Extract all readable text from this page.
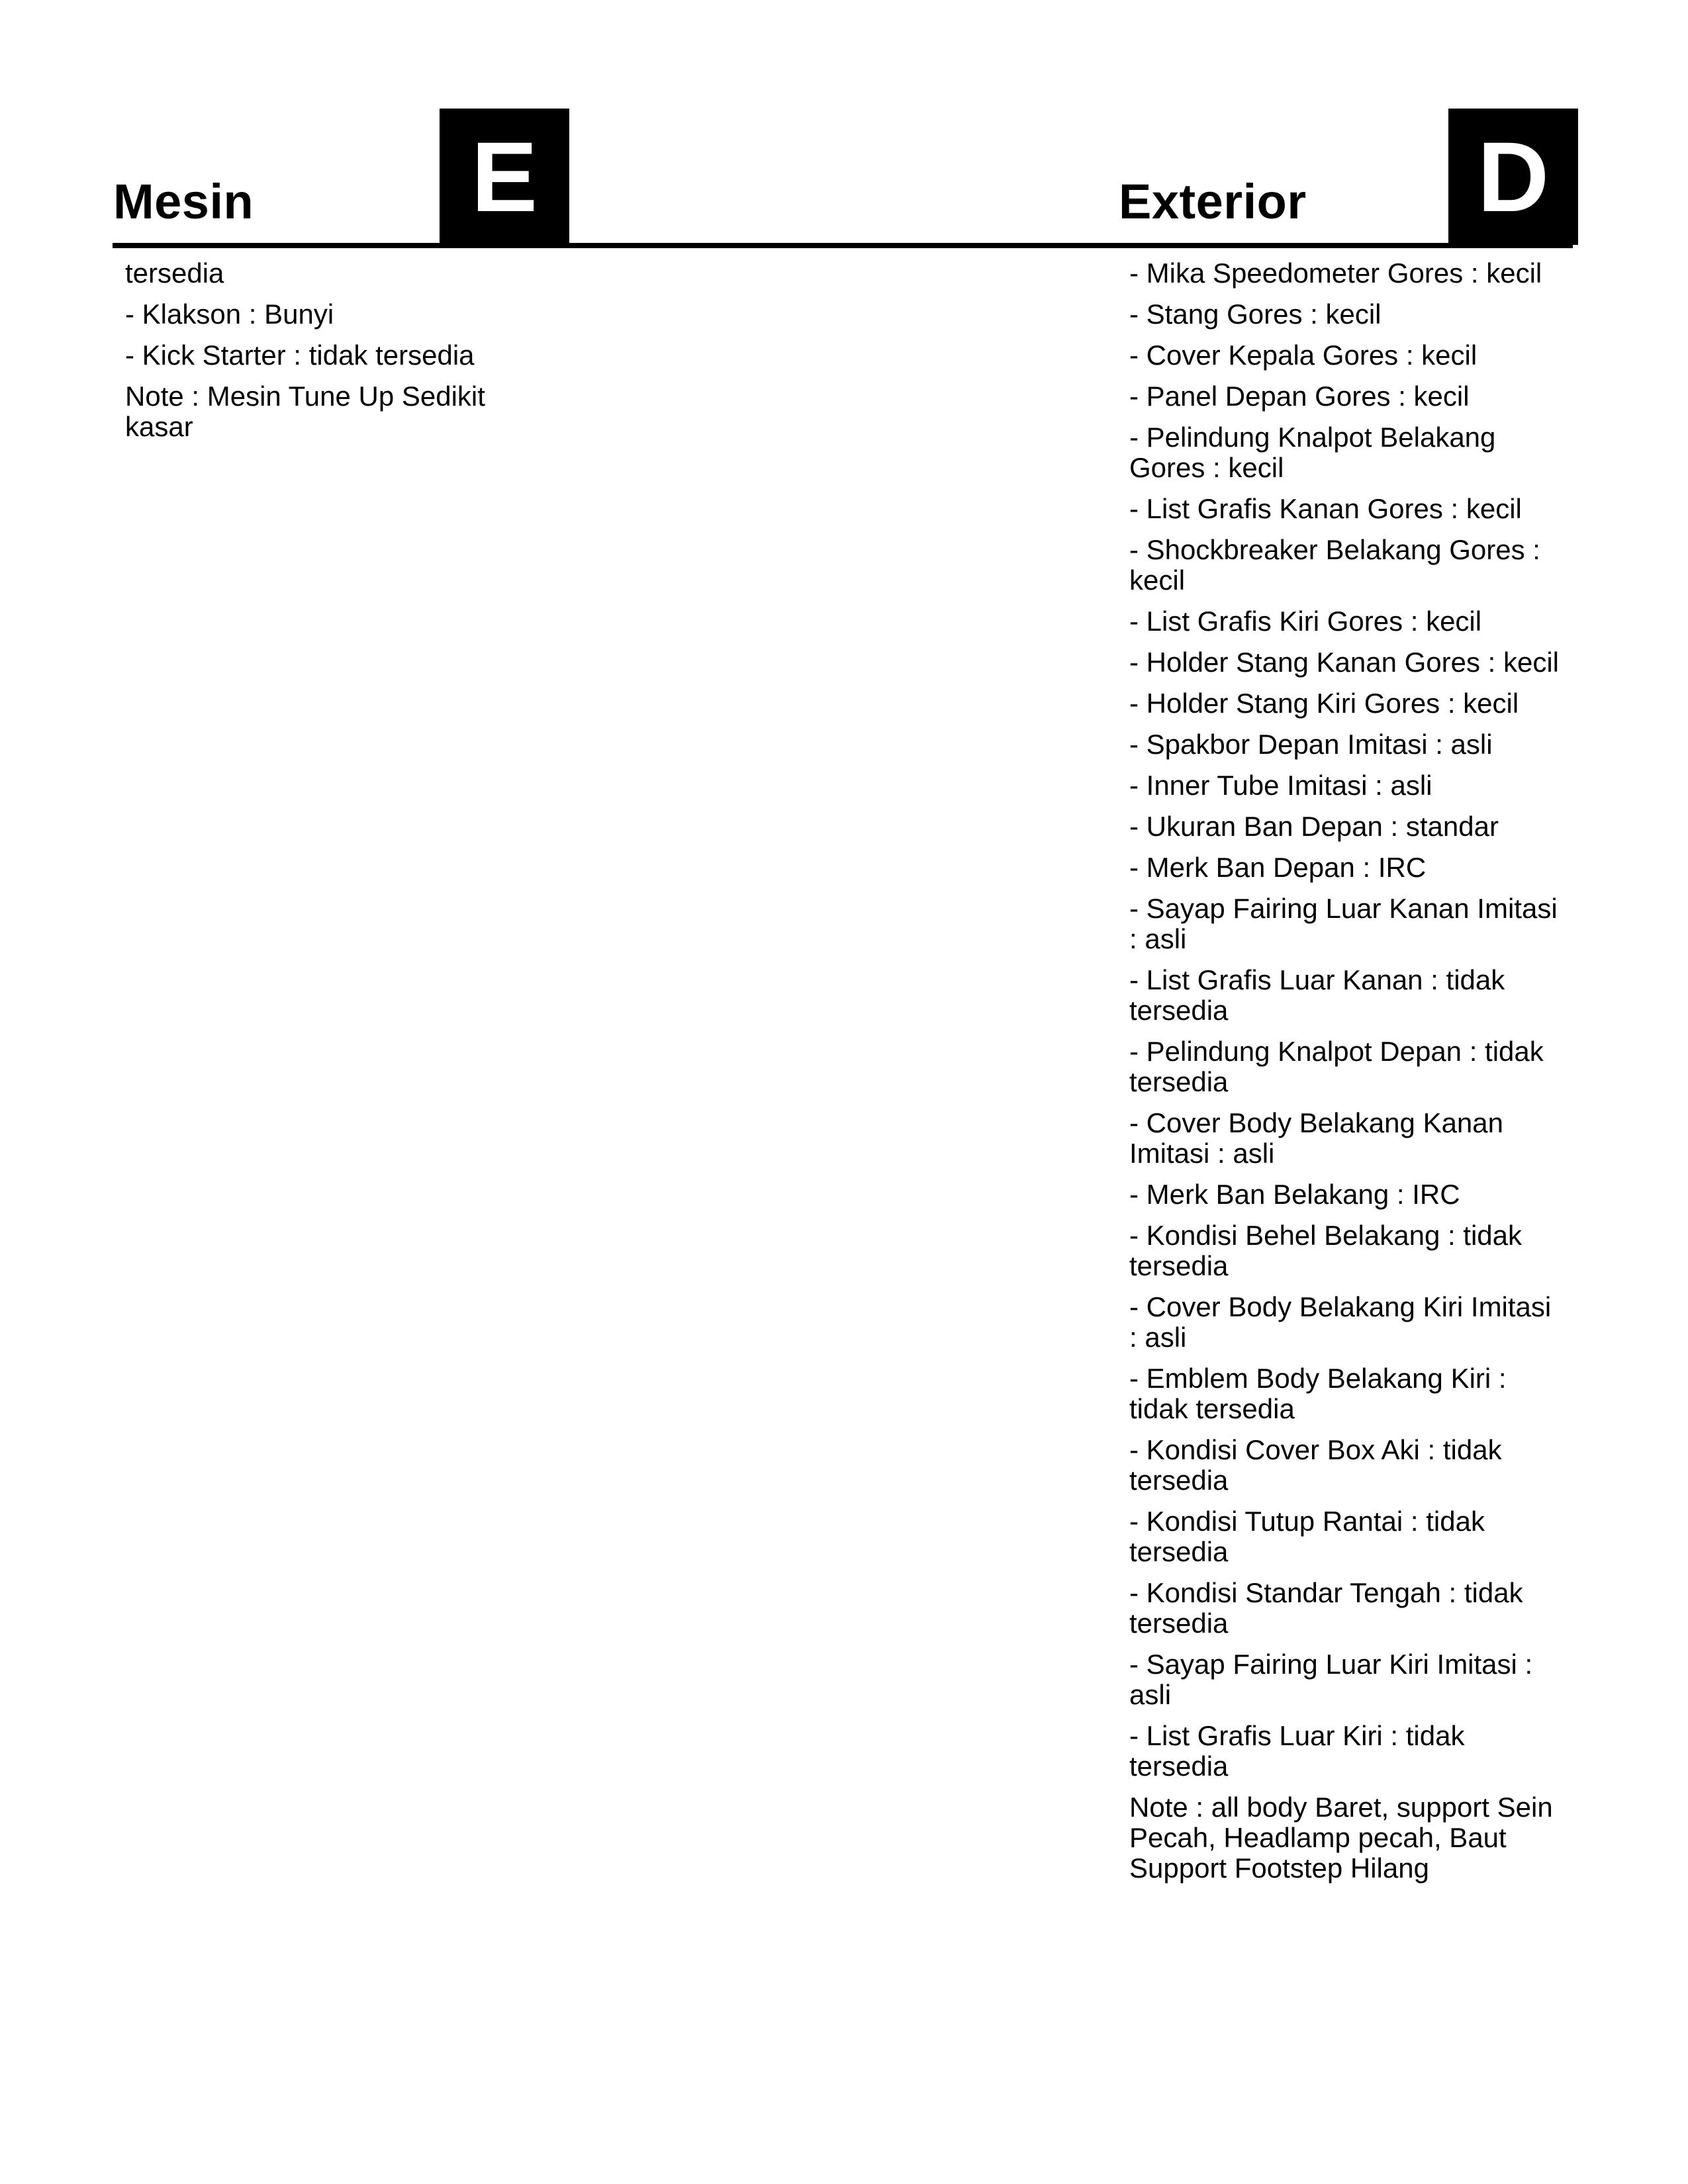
Mesin	E	Exterior D
tersedia
- Klakson : Bunyi
- Kick Starter : tidak tersedia
Note : Mesin Tune Up Sedikit kasar
- Mika Speedometer Gores : kecil
- Stang Gores : kecil
- Cover Kepala Gores : kecil
- Panel Depan Gores : kecil
- Pelindung Knalpot Belakang Gores : kecil
- List Grafis Kanan Gores : kecil
- Shockbreaker Belakang Gores : kecil
- List Grafis Kiri Gores : kecil
- Holder Stang Kanan Gores : kecil
- Holder Stang Kiri Gores : kecil
- Spakbor Depan Imitasi : asli
- Inner Tube Imitasi : asli
- Ukuran Ban Depan : standar
- Merk Ban Depan : IRC
- Sayap Fairing Luar Kanan Imitasi : asli
- List Grafis Luar Kanan : tidak tersedia
- Pelindung Knalpot Depan : tidak tersedia
- Cover Body Belakang Kanan Imitasi : asli
- Merk Ban Belakang : IRC
- Kondisi Behel Belakang : tidak tersedia
- Cover Body Belakang Kiri Imitasi : asli
- Emblem Body Belakang Kiri : tidak tersedia
- Kondisi Cover Box Aki : tidak tersedia
- Kondisi Tutup Rantai : tidak tersedia
- Kondisi Standar Tengah : tidak tersedia
- Sayap Fairing Luar Kiri Imitasi : asli
- List Grafis Luar Kiri : tidak tersedia
Note : all body Baret, support Sein Pecah, Headlamp pecah, Baut Support Footstep Hilang
